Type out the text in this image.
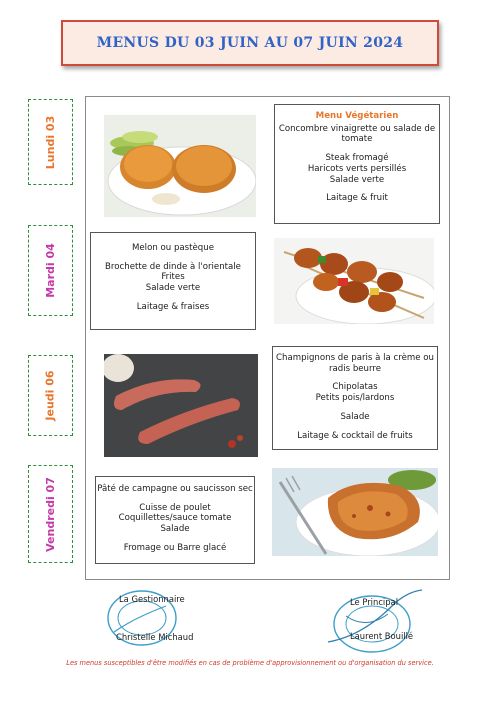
MENUS DU 03 JUIN AU 07 JUIN 2024
Lundi 03
Mardi 04
Jeudi 06
Vendredi 07
Menu Végétarien
Concombre vinaigrette ou salade de
tomate
Steak fromagé
Haricots verts persillés
Salade verte
Laitage & fruit
Melon ou pastèque
Brochette de dinde à l'orientale
Frites
Salade verte
Laitage & fraises
Champignons de paris à la crème ou
radis beurre
Chipolatas
Petits pois/lardons
Salade
Laitage & cocktail de fruits
Pâté de campagne ou saucisson sec
Cuisse de poulet
Coquillettes/sauce tomate
Salade
Fromage ou Barre glacé
La Gestionnaire
Christelle Michaud
Le Principal
Laurent Bouillé
Les menus susceptibles d'être modifiés en cas de problème d'approvisionnement ou d'organisation du service.
